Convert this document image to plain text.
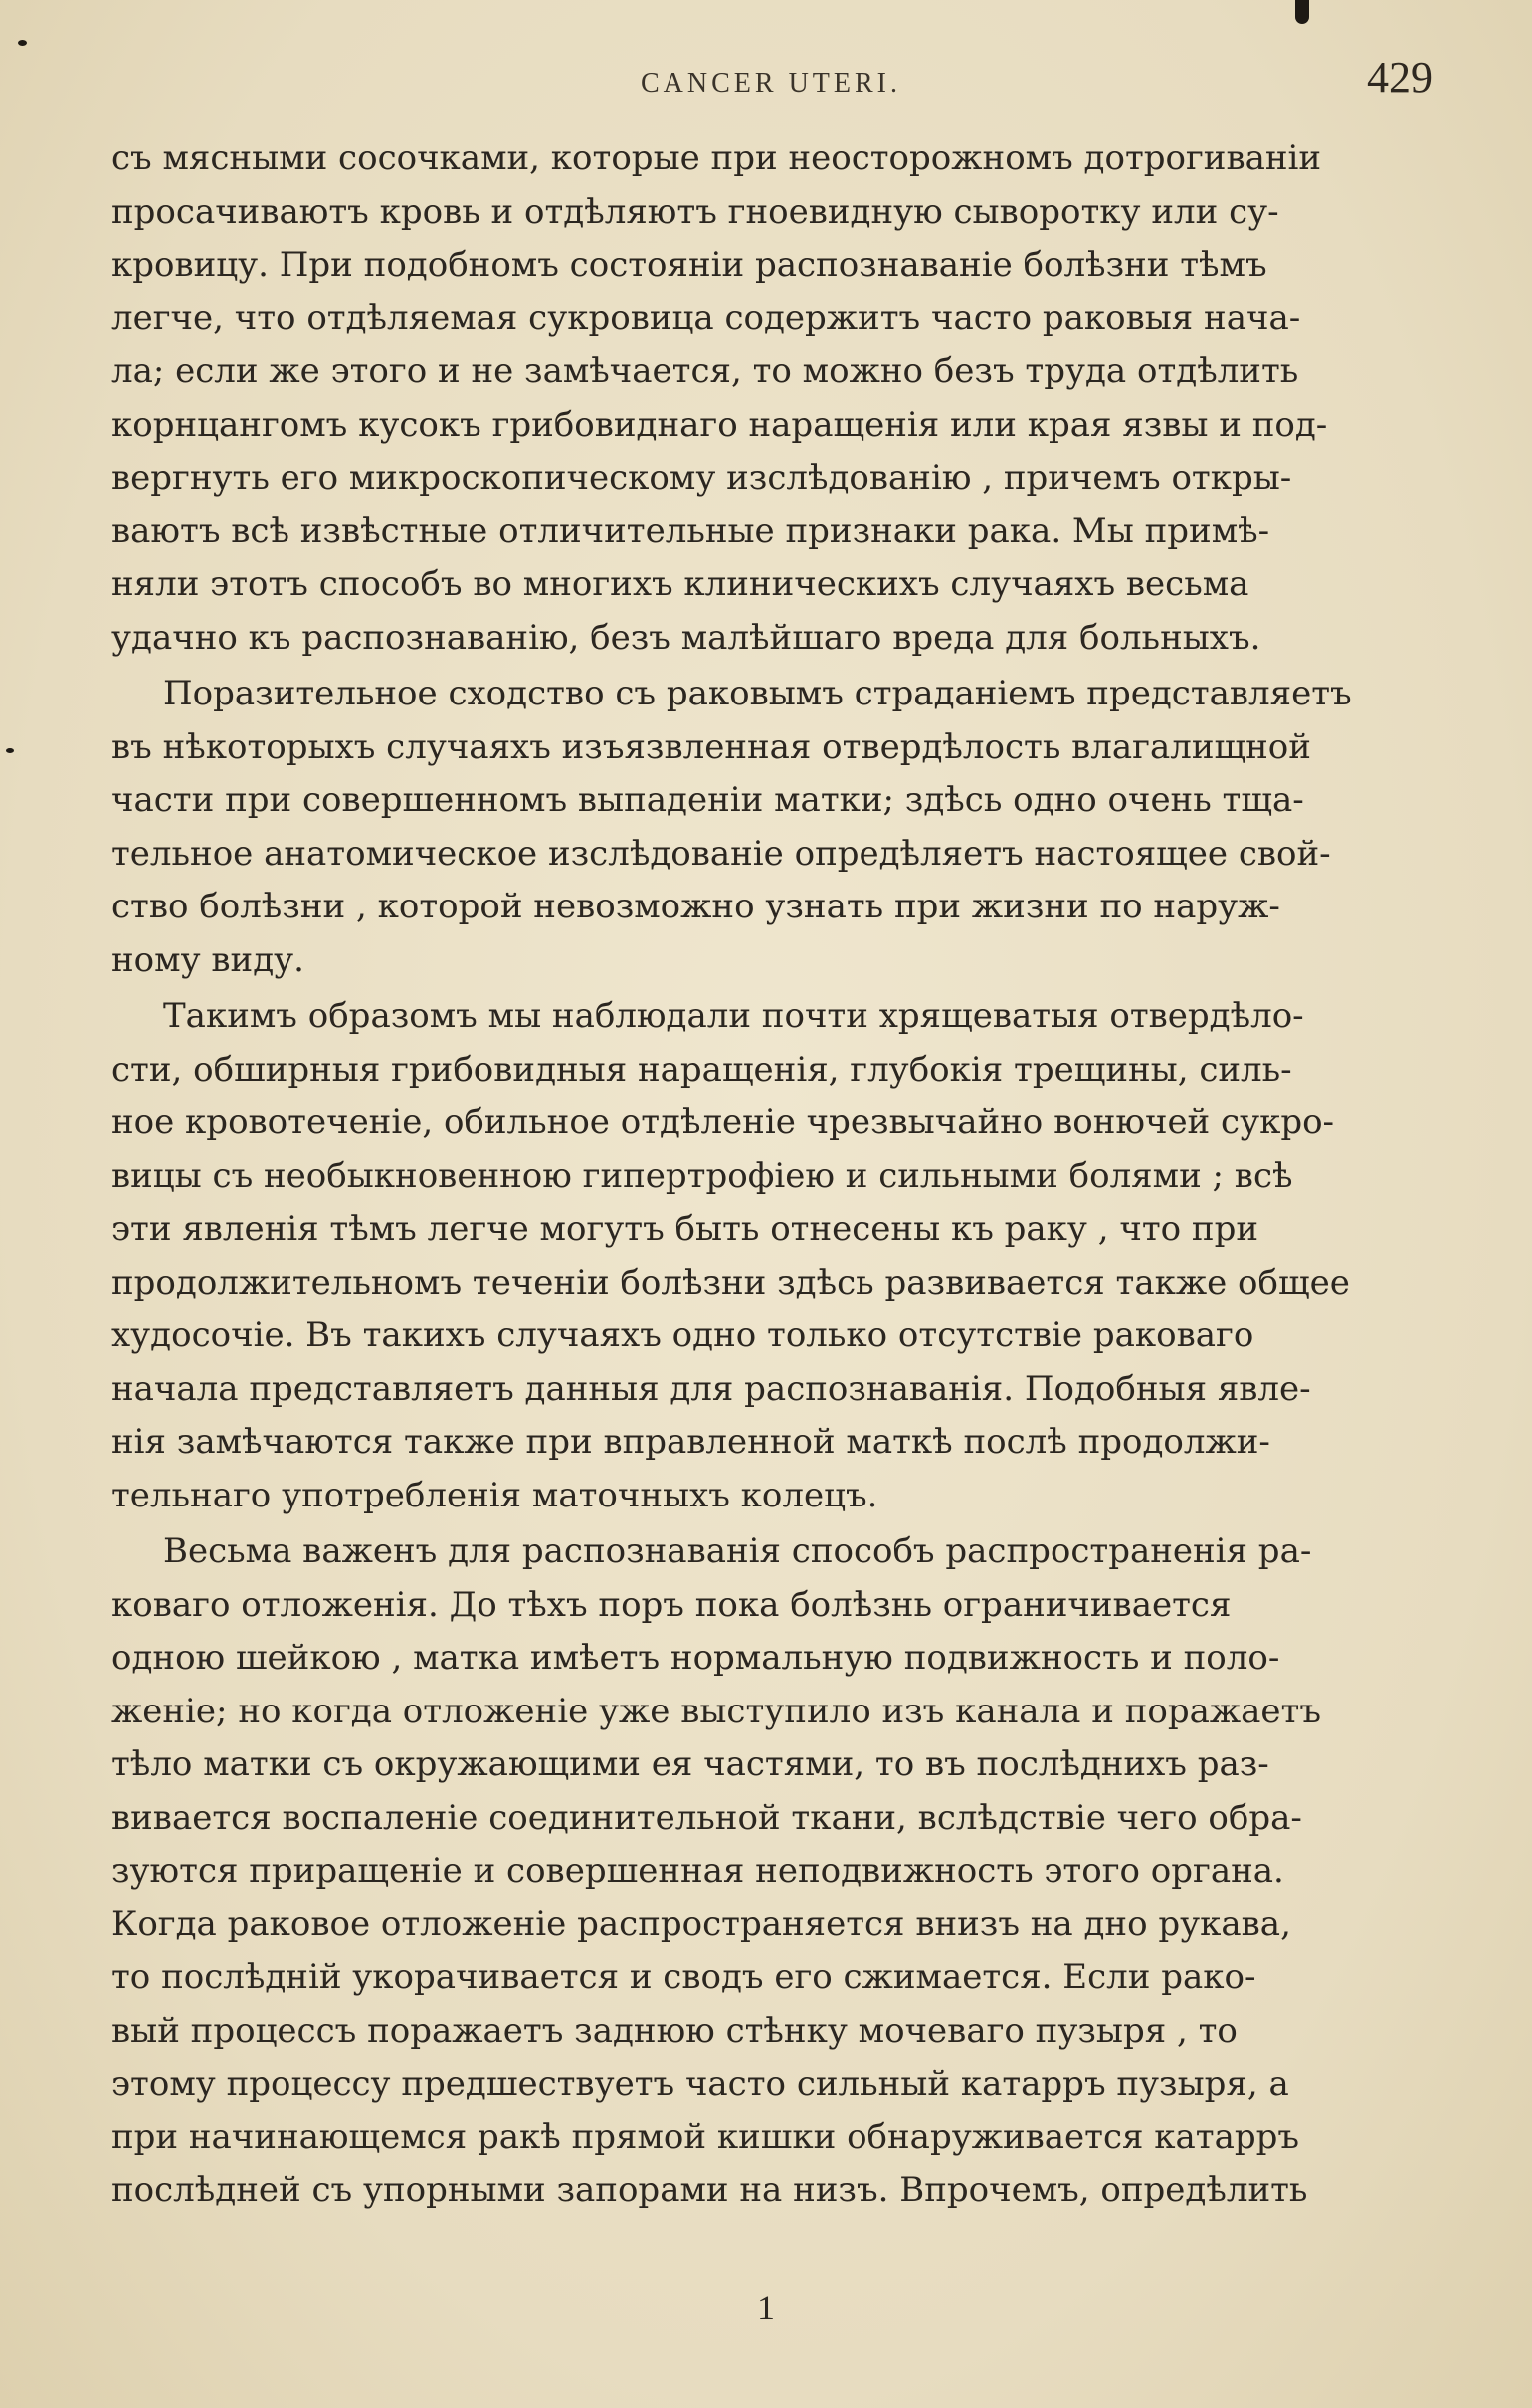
CANCER UTERI.	429

съ мясными сосочками, которые при неосторожномъ дотрогиванiи
просачиваютъ кровь и отдѣляютъ гноевидную сыворотку или су-
кровицу. При подобномъ состоянiи распознаванiе болѣзни тѣмъ
легче, что отдѣляемая сукровица содержитъ часто раковыя нача-
ла; если же этого и не замѣчается, то можно безъ труда отдѣлить
корнцангомъ кусокъ грибовиднаго наращенiя или края язвы и под-
вергнуть его микроскопическому изслѣдованiю , причемъ откры-
ваютъ всѣ извѣстные отличительные признаки рака. Мы примѣ-
няли этотъ способъ во многихъ клиническихъ случаяхъ весьма
удачно къ распознаванiю, безъ малѣйшаго вреда для больныхъ.

Поразительное сходство съ раковымъ страданiемъ представляетъ
въ нѣкоторыхъ случаяхъ изъязвленная отвердѣлость влагалищной
части при совершенномъ выпаденiи матки; здѣсь одно очень тща-
тельное анатомическое изслѣдованiе опредѣляетъ настоящее свой-
ство болѣзни , которой невозможно узнать при жизни по наруж-
ному виду.

Такимъ образомъ мы наблюдали почти хрящеватыя отвердѣло-
сти, обширныя грибовидныя наращенiя, глубокiя трещины, силь-
ное кровотеченiе, обильное отдѣленiе чрезвычайно вонючей сукро-
вицы съ необыкновенною гипертрофiею и сильными болями ; всѣ
эти явленiя тѣмъ легче могутъ быть отнесены къ раку , что при
продолжительномъ теченiи болѣзни здѣсь развивается также общее
худосочiе. Въ такихъ случаяхъ одно только отсутствiе раковаго
начала представляетъ данныя для распознаванiя. Подобныя явле-
нiя замѣчаются также при вправленной маткѣ послѣ продолжи-
тельнаго употребленiя маточныхъ колецъ.

Весьма важенъ для распознаванiя способъ распространенiя ра-
коваго отложенiя. До тѣхъ поръ пока болѣзнь ограничивается
одною шейкою , матка имѣетъ нормальную подвижность и поло-
женiе; но когда отложенiе уже выступило изъ канала и поражаетъ
тѣло матки съ окружающими ея частями, то въ послѣднихъ раз-
вивается воспаленiе соединительной ткани, вслѣдствiе чего обра-
зуются приращенiе и совершенная неподвижность этого органа.
Когда раковое отложенiе распространяется внизъ на дно рукава,
то послѣднiй укорачивается и сводъ его сжимается. Если рако-
вый процессъ поражаетъ заднюю стѣнку мочеваго пузыря , то
этому процессу предшествуетъ часто сильный катарръ пузыря, а
при начинающемся ракѣ прямой кишки обнаруживается катарръ
послѣдней съ упорными запорами на низъ. Впрочемъ, опредѣлить

1
